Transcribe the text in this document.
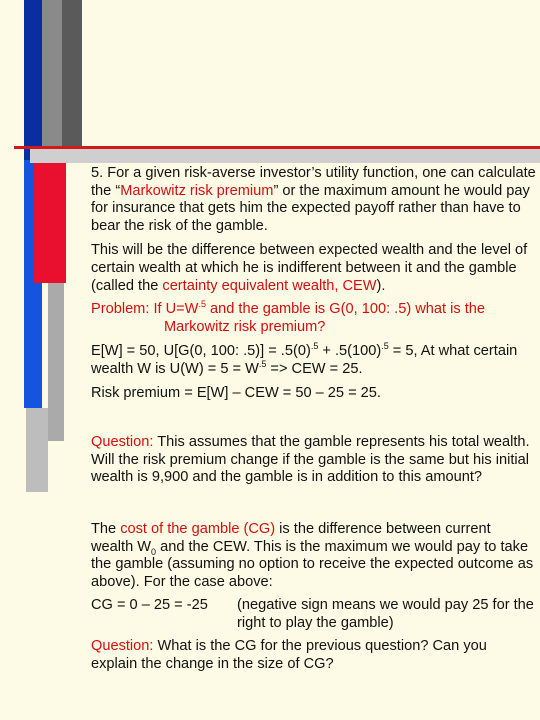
5. For a given risk-averse investor’s utility function, one can calculate the “Markowitz risk premium” or the maximum amount he would pay for insurance that gets him the expected payoff rather than have to bear the risk of the gamble.

This will be the difference between expected wealth and the level of certain wealth at which he is indifferent between it and the gamble (called the certainty equivalent wealth, CEW).

Problem: If $U=W^{.5}$ and the gamble is G(0, 100: .5) what is the
Markowitz risk premium?

E[W] = 50, U[G(0, 100: $.5)] = .5(0)^{.5} + .5(100)^{.5} = 5$, At what certain wealth W is $U(W) = 5 = W^{.5}$ => CEW = 25.

Risk premium = E[W] – CEW = 50 – 25 = 25.

Question: This assumes that the gamble represents his total wealth. Will the risk premium change if the gamble is the same but his initial wealth is 9,900 and the gamble is in addition to this amount?

The cost of the gamble (CG) is the difference between current wealth $W_0$ and the CEW. This is the maximum we would pay to take the gamble (assuming no option to receive the expected outcome as above). For the case above:

CG = 0 – 25 = -25	(negative sign means we would pay 25 for the right to play the gamble)

Question: What is the CG for the previous question? Can you explain the change in the size of CG?
